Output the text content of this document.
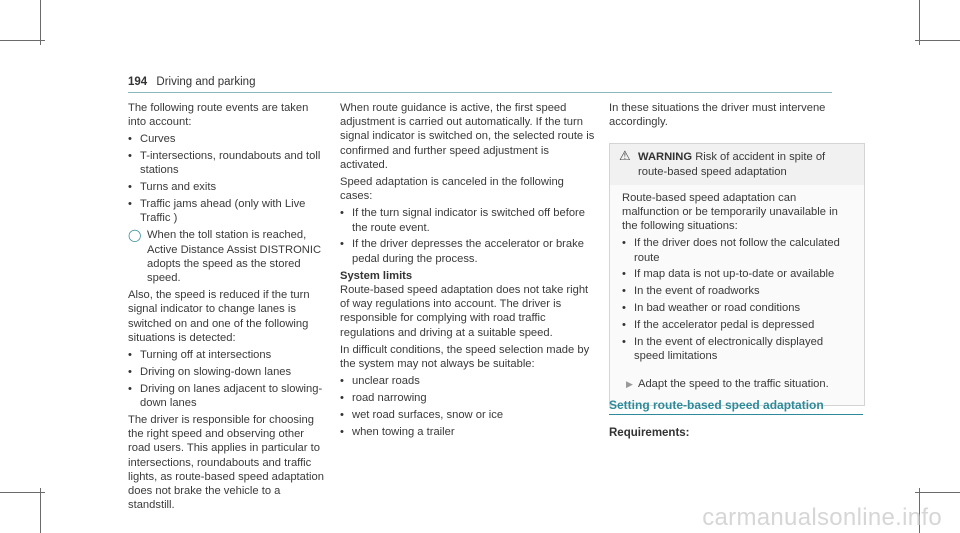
194 Driving and parking

The following route events are taken into account:

• Curves
• T-intersections, roundabouts and toll stations
• Turns and exits
• Traffic jams ahead (only with Live Traffic )
◯ When the toll station is reached, Active Distance Assist DISTRONIC adopts the speed as the stored speed.

Also, the speed is reduced if the turn signal indicator to change lanes is switched on and one of the following situations is detected:

• Turning off at intersections
• Driving on slowing-down lanes
• Driving on lanes adjacent to slowing-down lanes

The driver is responsible for choosing the right speed and observing other road users. This applies in particular to intersections, roundabouts and traffic lights, as route-based speed adaptation does not brake the vehicle to a standstill.

When route guidance is active, the first speed adjustment is carried out automatically. If the turn signal indicator is switched on, the selected route is confirmed and further speed adjustment is activated.

Speed adaptation is canceled in the following cases:

• If the turn signal indicator is switched off before the route event.
• If the driver depresses the accelerator or brake pedal during the process.
System limits

Route-based speed adaptation does not take right of way regulations into account. The driver is responsible for complying with road traffic regulations and driving at a suitable speed.

In difficult conditions, the speed selection made by the system may not always be suitable:

• unclear roads
• road narrowing
• wet road surfaces, snow or ice
• when towing a trailer

In these situations the driver must intervene accordingly.

⚠ WARNING Risk of accident in spite of route-based speed adaptation

Route-based speed adaptation can malfunction or be temporarily unavailable in the following situations:

• If the driver does not follow the calculated route
• If map data is not up-to-date or available
• In the event of roadworks
• In bad weather or road conditions
• If the accelerator pedal is depressed
• In the event of electronically displayed speed limitations
▶ Adapt the speed to the traffic situation.
Setting route-based speed adaptation
Requirements:
carmanualsonline.info
